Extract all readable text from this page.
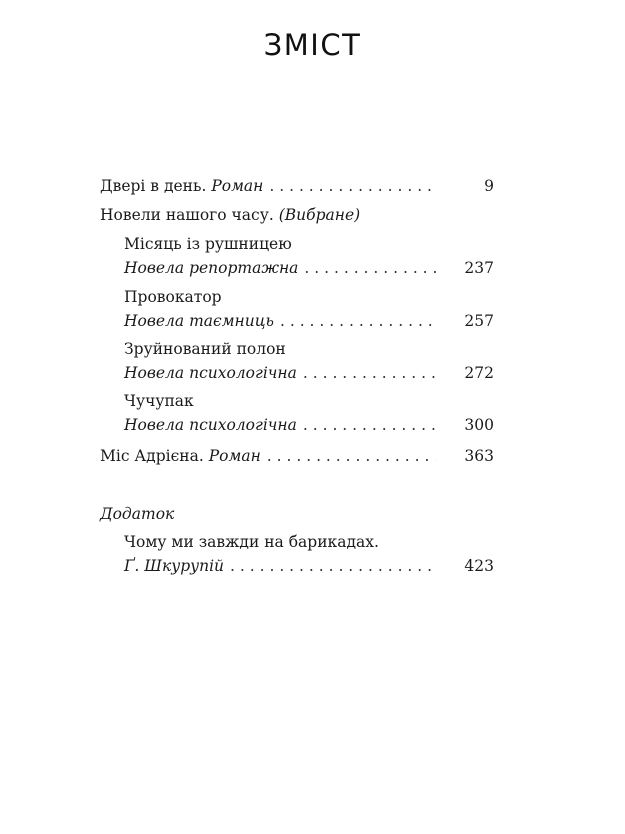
ЗМІСТ
Двері в день. Роман . . .	9
Новели нашого часу. (Вибране)
Місяць із рушницею
Новела репортажна . . .	237
Провокатор
Новела таємниць . . .	257
Зруйнований полон
Новела психологічна . . .	272
Чучупак
Новела психологічна . . .	300
Міс Адрієна. Роман . . .	363
Додаток
Чому ми завжди на барикадах.
Ґ. Шкурупій . . .	423
